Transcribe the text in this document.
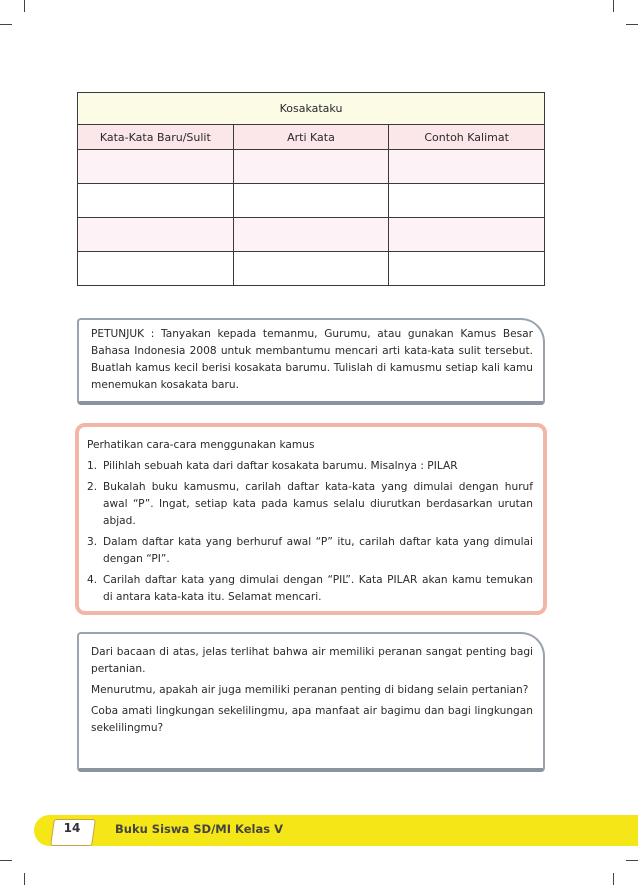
Kosakataku		
Kata-Kata Baru/Sulit	Arti Kata	Contoh Kalimat

PETUNJUK : Tanyakan kepada temanmu, Gurumu, atau gunakan Kamus Besar Bahasa Indonesia 2008 untuk membantumu mencari arti kata-kata sulit tersebut. Buatlah kamus kecil berisi kosakata barumu. Tulislah di kamusmu setiap kali kamu menemukan kosakata baru.

Perhatikan cara-cara menggunakan kamus

1. Pilihlah sebuah kata dari daftar kosakata barumu. Misalnya : PILAR
2. Bukalah buku kamusmu, carilah daftar kata-kata yang dimulai dengan huruf awal “P”. Ingat, setiap kata pada kamus selalu diurutkan berdasarkan urutan abjad.
3. Dalam daftar kata yang berhuruf awal “P” itu, carilah daftar kata yang dimulai dengan “PI”.
4. Carilah daftar kata yang dimulai dengan “PIL”. Kata PILAR akan kamu temukan di antara kata-kata itu. Selamat mencari.

Dari bacaan di atas, jelas terlihat bahwa air memiliki peranan sangat penting bagi pertanian.

Menurutmu, apakah air juga memiliki peranan penting di bidang selain pertanian?

Coba amati lingkungan sekelilingmu, apa manfaat air bagimu dan bagi lingkungan sekelilingmu?

14	Buku Siswa SD/MI Kelas V
